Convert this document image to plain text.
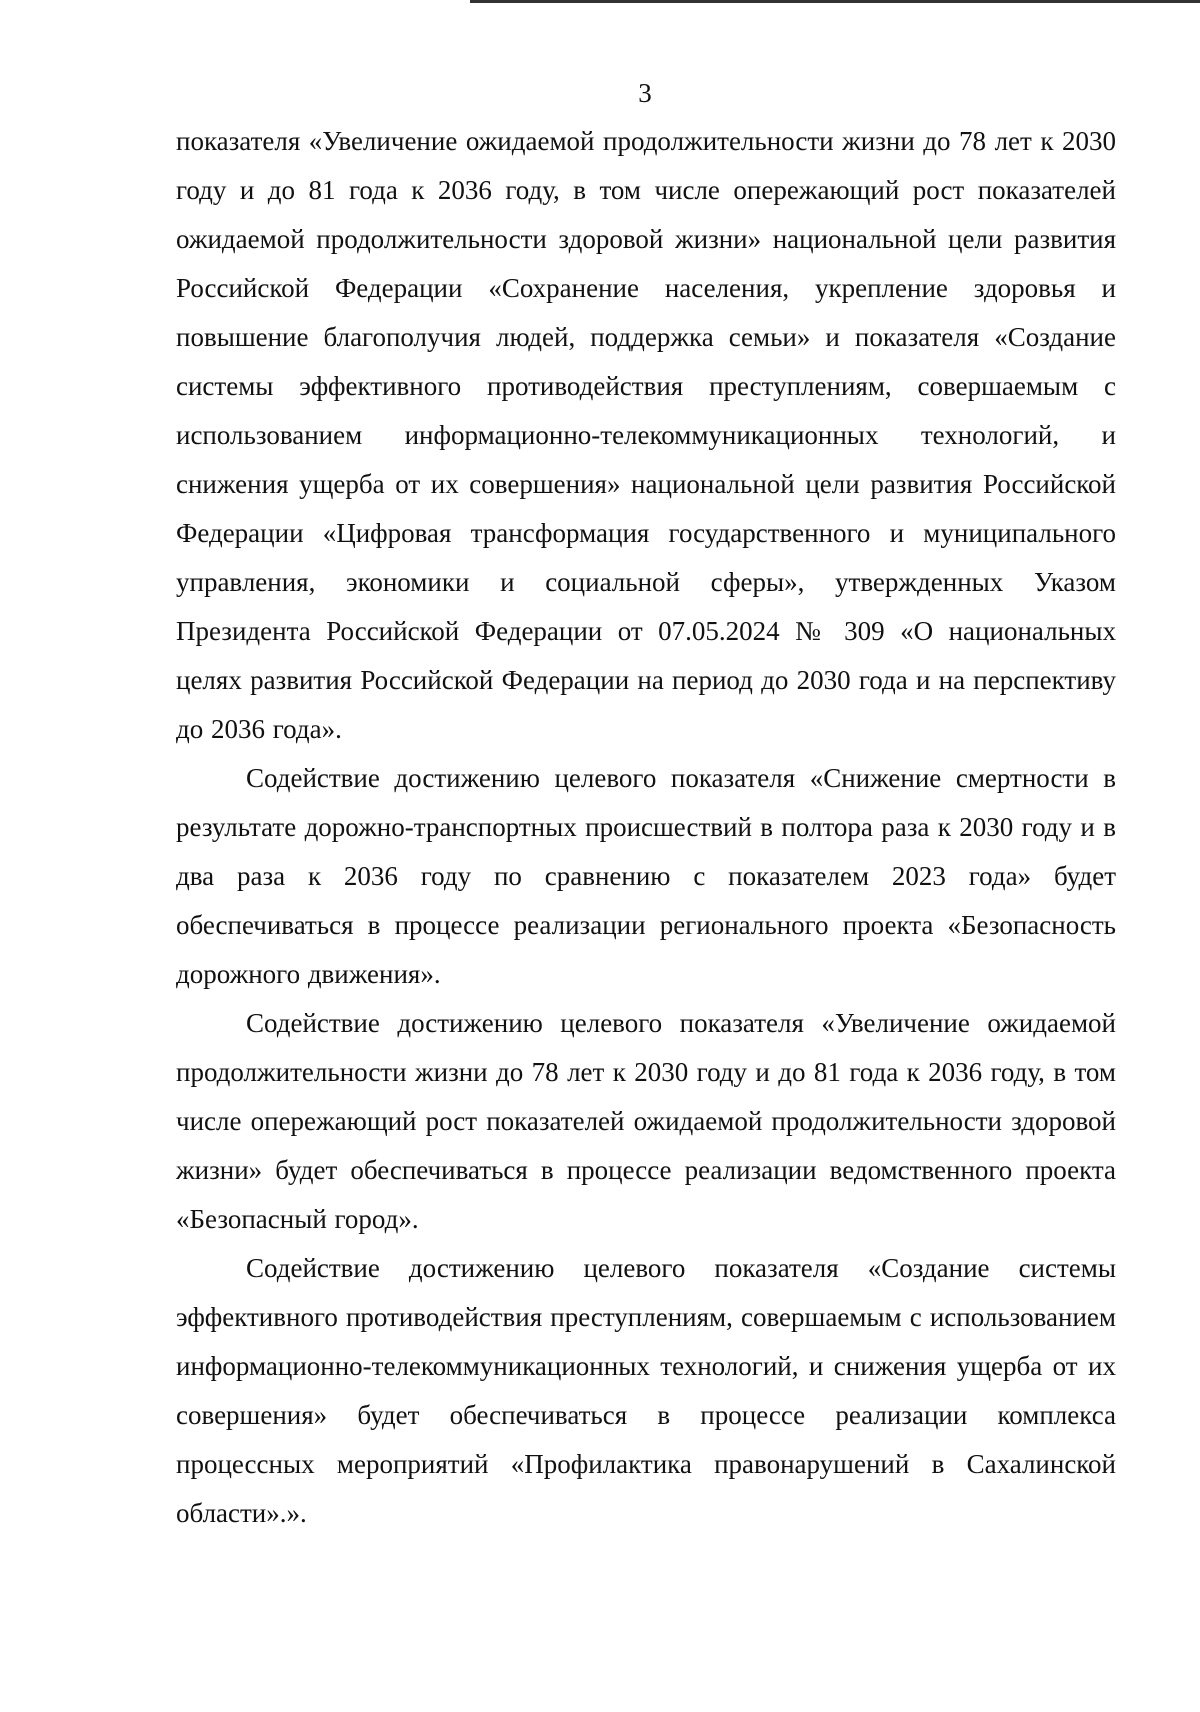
3

показателя «Увеличение ожидаемой продолжительности жизни до 78 лет к 2030 году и до 81 года к 2036 году, в том числе опережающий рост показателей ожидаемой продолжительности здоровой жизни» национальной цели развития Российской Федерации «Сохранение населения, укрепление здоровья и повышение благополучия людей, поддержка семьи» и показателя «Создание системы эффективного противодействия преступлениям, совершаемым с использованием информационно-телекоммуникационных технологий, и снижения ущерба от их совершения» национальной цели развития Российской Федерации «Цифровая трансформация государственного и муниципального управления, экономики и социальной сферы», утвержденных Указом Президента Российской Федерации от 07.05.2024 № 309 «О национальных целях развития Российской Федерации на период до 2030 года и на перспективу до 2036 года».

Содействие достижению целевого показателя «Снижение смертности в результате дорожно-транспортных происшествий в полтора раза к 2030 году и в два раза к 2036 году по сравнению с показателем 2023 года» будет обеспечиваться в процессе реализации регионального проекта «Безопасность дорожного движения».

Содействие достижению целевого показателя «Увеличение ожидаемой продолжительности жизни до 78 лет к 2030 году и до 81 года к 2036 году, в том числе опережающий рост показателей ожидаемой продолжительности здоровой жизни» будет обеспечиваться в процессе реализации ведомственного проекта «Безопасный город».

Содействие достижению целевого показателя «Создание системы эффективного противодействия преступлениям, совершаемым с использованием информационно-телекоммуникационных технологий, и снижения ущерба от их совершения» будет обеспечиваться в процессе реализации комплекса процессных мероприятий «Профилактика правонарушений в Сахалинской области».».
